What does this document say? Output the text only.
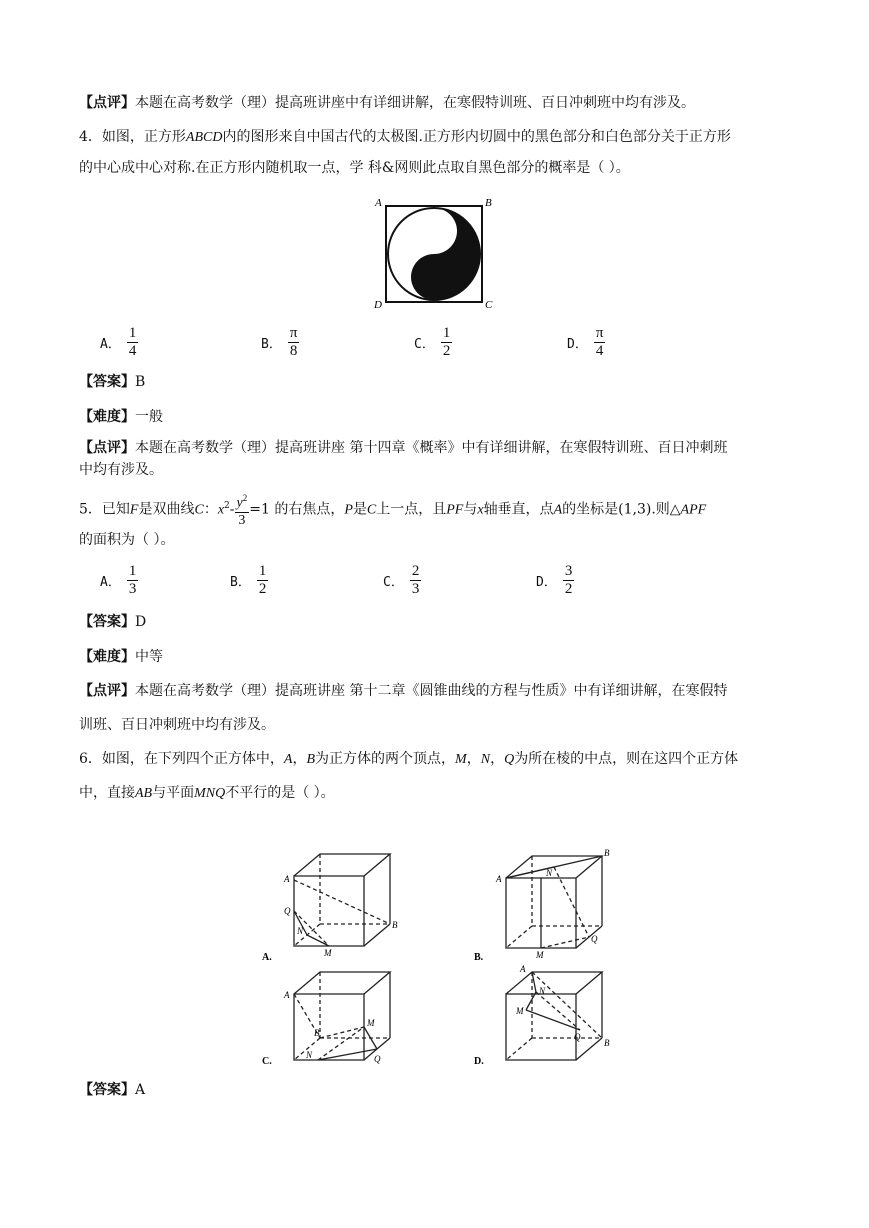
【点评】本题在高考数学（理）提高班讲座中有详细讲解，在寒假特训班、百日冲刺班中均有涉及。
4．如图，正方形ABCD内的图形来自中国古代的太极图.正方形内切圆中的黑色部分和白色部分关于正方形
的中心成中心对称.在正方形内随机取一点，学 科&网则此点取自黑色部分的概率是（ ）。
A	B
D	C
A． $\frac{1}{4}$	B． $\frac{\pi}{8}$	C． $\frac{1}{2}$	D． $\frac{\pi}{4}$
【答案】B
【难度】一般
【点评】本题在高考数学（理）提高班讲座 第十四章《概率》中有详细讲解，在寒假特训班、百日冲刺班
中均有涉及。
5．已知F是双曲线C：$x^2- \frac{y^2}{3} =1$ 的右焦点，P是C上一点，且PF与x轴垂直，点A的坐标是(1,3).则△APF
的面积为（ ）。
A． $\frac{1}{3}$	B． $\frac{1}{2}$	C． $\frac{2}{3}$	D． $\frac{3}{2}$
【答案】D
【难度】中等
【点评】本题在高考数学（理）提高班讲座 第十二章《圆锥曲线的方程与性质》中有详细讲解，在寒假特
训班、百日冲刺班中均有涉及。
6．如图，在下列四个正方体中，A，B为正方体的两个顶点，M，N，Q为所在棱的中点，则在这四个正方体
中，直接AB与平面MNQ不平行的是（ ）。
A
Q
N
B
M
A.
A
N
B
Q
M
B.
A
B
M
N	Q
C.
A
N
M
Q
B
D.
【答案】A
